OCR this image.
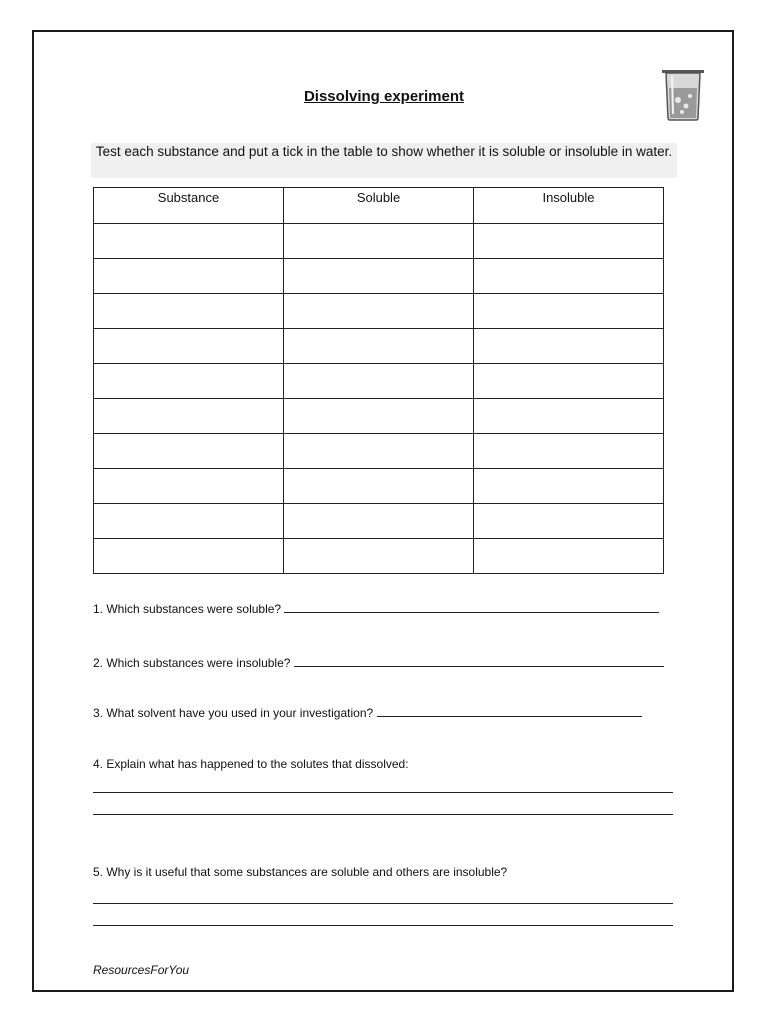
Dissolving experiment
Test each substance and put a tick in the table to show whether it is soluble or insoluble in water.
Substance	Soluble	Insoluble

1. Which substances were soluble?
2. Which substances were insoluble?
3. What solvent have you used in your investigation?
4. Explain what has happened to the solutes that dissolved:
5. Why is it useful that some substances are soluble and others are insoluble?
ResourcesForYou
